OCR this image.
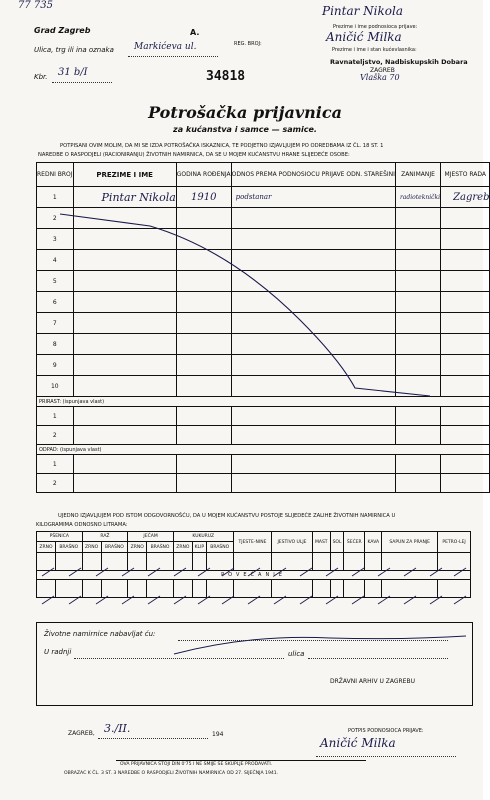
77 735
Grad Zagreb	A.
REG. BROJ:
Ulica, trg ili ina oznaka Markićeva ul.
Kbr. 31 b/I	34818
Pintar Nikola
Prezime i ime podnosioca prijave:
Aničić Milka
Prezime i ime i stan kućevlasnika:
Ravnateljstvo, Nadbiskupskih Dobara
ZAGREB
Vlaška 70
Potrošačka prijavnica
za kućanstva i samce — samice.
POTPISANI OVIM MOLIM, DA MI SE IZDA POTROŠAČKA ISKAZNICA, TE PODJETNO IZJAVLJUJEM PO ODREDBAMA IZ ČL. 18 ST. 1
NAREDBE O RASPODJELI (RACIONIRANJU) ŽIVOTNIH NAMIRNICA, DA SE U MOJEM KUĆANSTVU HRANE SLIJEDEĆE OSOBE:
REDNI BROJ	PREZIME I IME	GODINA ROĐENJA	ODNOS PREMA PODNOSIOCU PRIJAVE ODN. STAREŠINI	ZANIMANJE	MJESTO RADA
1	Pintar Nikola	1910	podstanar	radioteknički	Zagreb
2					
3					
4					
5					
6					
7					
8					
9					
10					
PRIRAST: (ispunjava vlast)					
1					
2					
ODPAD: (ispunjava vlast)					
1					
2					
UJEDNO IZJAVLJUJEM POD ISTOM ODGOVORNOŠĆU, DA U MOJEM KUĆANSTVU POSTOJE SLIJEDEĆE ZALIHE ŽIVOTNIH NAMIRNICA U
KILOGRAMIMA ODNOSNO LITRAMA:
PŠENICA		RAŽ		JEČAM		KUKURUZ			TJESTE-NINE	JESTIVO ULJE	MAST	SOL	ŠEĆER	KAVA	SAPUN ZA PRANJE	PETRO-LEJ
ZRNO	BRAŠNO	ZRNO	BRAŠNO	ZRNO	BRAŠNO	ZRNO	KLIP	BRAŠNO								

POVEĆANJE																

Životne namirnice nabavljat ću:
U radnji	ulica
DRŽAVNI ARHIV U ZAGREBU
ZAGREB, 3./II.	194	POTPIS PODNOSIOCA PRIJAVE:
Aničić Milka
OVA PRIJAVNICA STOJI DIN 0'75 I NE SMIJE SE SKUPLJE PRODAVATI.
OBRAZAC K ČL. 3 ST. 3 NAREDBE O RASPODJELI ŽIVOTNIH NAMIRNICA OD 27. SIJEČNJA 1941.
